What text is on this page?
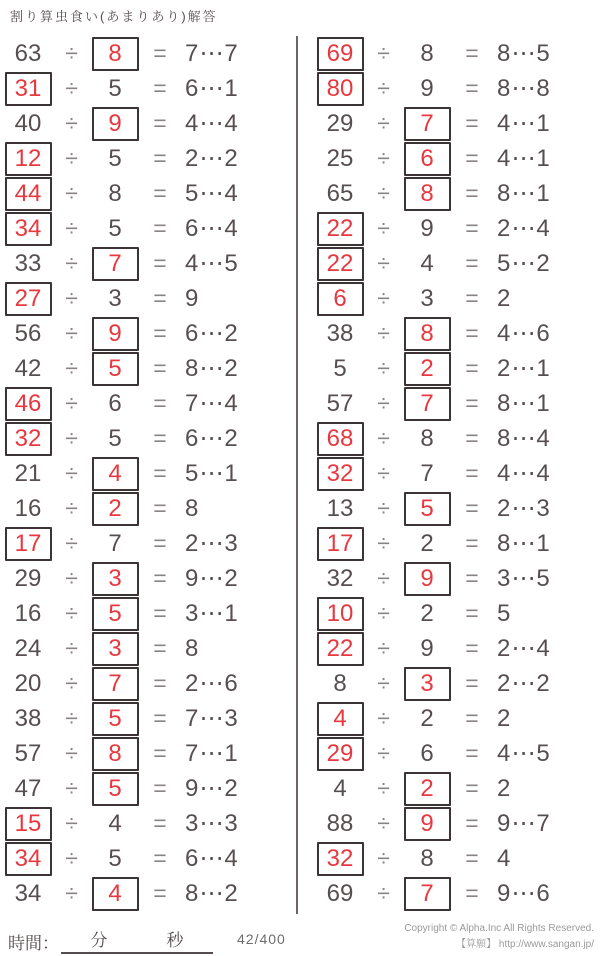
割り算虫食い(あまりあり)解答
63	÷	8	= 7⋯7
31	÷	5	= 6⋯1
40	÷	9	= 4⋯4
12	÷	5	= 2⋯2
44	÷	8	= 5⋯4
34	÷	5	= 6⋯4
33	÷	7	= 4⋯5
27	÷	3	= 9
56	÷	9	= 6⋯2
42	÷	5	= 8⋯2
46	÷	6	= 7⋯4
32	÷	5	= 6⋯2
21	÷	4	= 5⋯1
16	÷	2	= 8
17	÷	7	= 2⋯3
29	÷	3	= 9⋯2
16	÷	5	= 3⋯1
24	÷	3	= 8
20	÷	7	= 2⋯6
38	÷	5	= 7⋯3
57	÷	8	= 7⋯1
47	÷	5	= 9⋯2
15	÷	4	= 3⋯3
34	÷	5	= 6⋯4
34	÷	4	= 8⋯2
69	÷	8	= 8⋯5
80	÷	9	= 8⋯8
29	÷	7	= 4⋯1
25	÷	6	= 4⋯1
65	÷	8	= 8⋯1
22	÷	9	= 2⋯4
22	÷	4	= 5⋯2
6	÷	3	= 2
38	÷	8	= 4⋯6
5	÷	2	= 2⋯1
57	÷	7	= 8⋯1
68	÷	8	= 8⋯4
32	÷	7	= 4⋯4
13	÷	5	= 2⋯3
17	÷	2	= 8⋯1
32	÷	9	= 3⋯5
10	÷	2	= 5
22	÷	9	= 2⋯4
8	÷	3	= 2⋯2
4	÷	2	= 2
29	÷	6	= 4⋯5
4	÷	2	= 2
88	÷	9	= 9⋯7
32	÷	8	= 4
69	÷	7	= 9⋯6
時間： 分	秒	42/400
Copyright © Alpha.Inc All Rights Reserved.
【算願】 http://www.sangan.jp/
